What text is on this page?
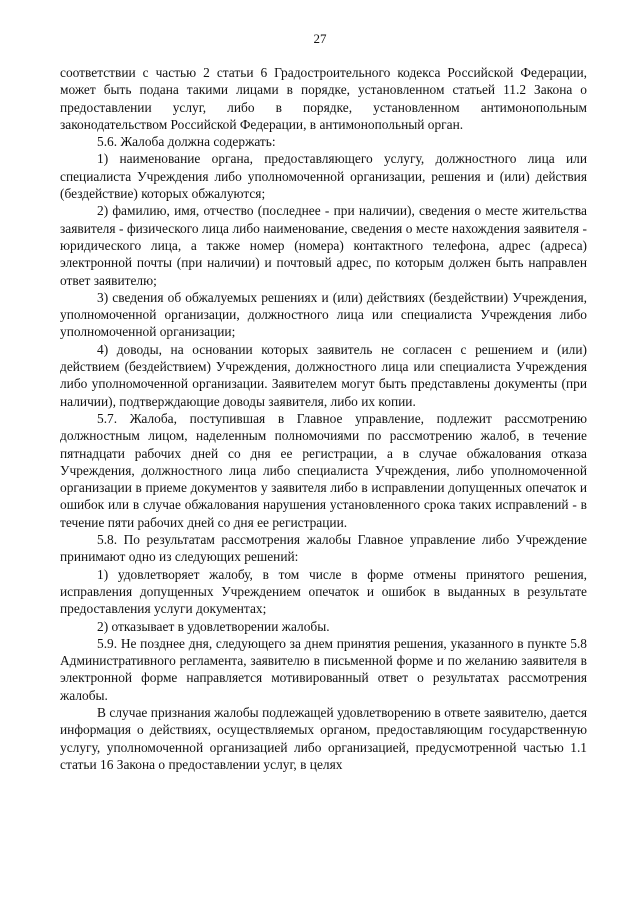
27

соответствии с частью 2 статьи 6 Градостроительного кодекса Российской Федерации, может быть подана такими лицами в порядке, установленном статьей 11.2 Закона о предоставлении услуг, либо в порядке, установленном антимонопольным законодательством Российской Федерации, в антимонопольный орган.

5.6. Жалоба должна содержать:

1) наименование органа, предоставляющего услугу, должностного лица или специалиста Учреждения либо уполномоченной организации, решения и (или) действия (бездействие) которых обжалуются;

2) фамилию, имя, отчество (последнее - при наличии), сведения о месте жительства заявителя - физического лица либо наименование, сведения о месте нахождения заявителя - юридического лица, а также номер (номера) контактного телефона, адрес (адреса) электронной почты (при наличии) и почтовый адрес, по которым должен быть направлен ответ заявителю;

3) сведения об обжалуемых решениях и (или) действиях (бездействии) Учреждения, уполномоченной организации, должностного лица или специалиста Учреждения либо уполномоченной организации;

4) доводы, на основании которых заявитель не согласен с решением и (или) действием (бездействием) Учреждения, должностного лица или специалиста Учреждения либо уполномоченной организации. Заявителем могут быть представлены документы (при наличии), подтверждающие доводы заявителя, либо их копии.

5.7. Жалоба, поступившая в Главное управление, подлежит рассмотрению должностным лицом, наделенным полномочиями по рассмотрению жалоб, в течение пятнадцати рабочих дней со дня ее регистрации, а в случае обжалования отказа Учреждения, должностного лица либо специалиста Учреждения, либо уполномоченной организации в приеме документов у заявителя либо в исправлении допущенных опечаток и ошибок или в случае обжалования нарушения установленного срока таких исправлений - в течение пяти рабочих дней со дня ее регистрации.

5.8. По результатам рассмотрения жалобы Главное управление либо Учреждение принимают одно из следующих решений:

1) удовлетворяет жалобу, в том числе в форме отмены принятого решения, исправления допущенных Учреждением опечаток и ошибок в выданных в результате предоставления услуги документах;

2) отказывает в удовлетворении жалобы.

5.9. Не позднее дня, следующего за днем принятия решения, указанного в пункте 5.8 Административного регламента, заявителю в письменной форме и по желанию заявителя в электронной форме направляется мотивированный ответ о результатах рассмотрения жалобы.

В случае признания жалобы подлежащей удовлетворению в ответе заявителю, дается информация о действиях, осуществляемых органом, предоставляющим государственную услугу, уполномоченной организацией либо организацией, предусмотренной частью 1.1 статьи 16 Закона о предоставлении услуг, в целях
